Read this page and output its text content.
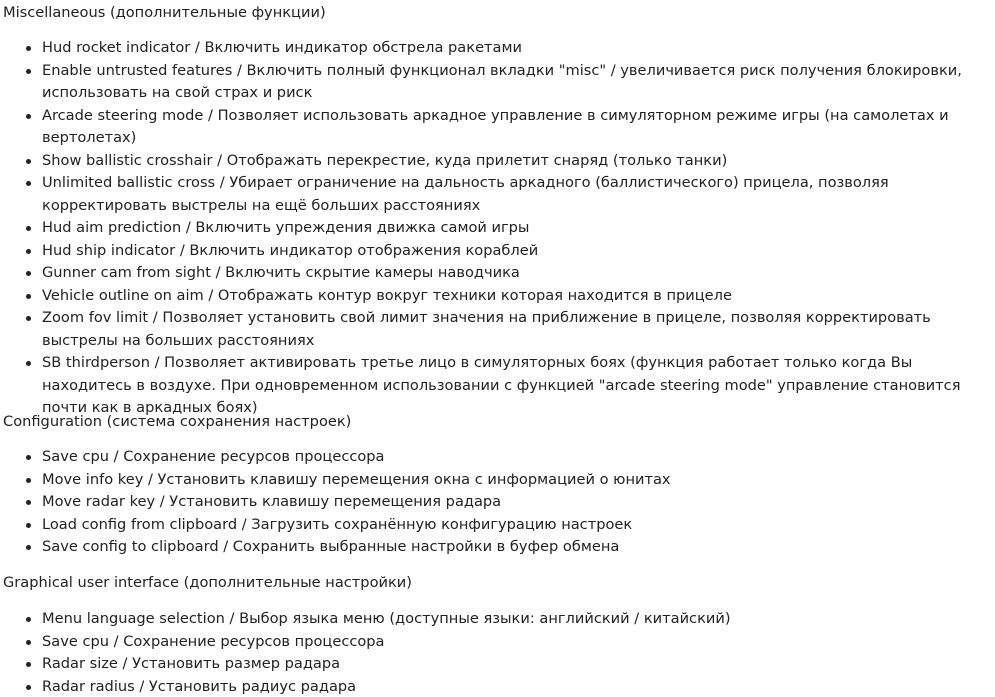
Miscellaneous (дополнительные функции)

Hud rocket indicator / Включить индикатор обстрела ракетами
Enable untrusted features / Включить полный функционал вкладки "misc" / увеличивается риск получения блокировки, использовать на свой страх и риск
Arcade steering mode / Позволяет использовать аркадное управление в симуляторном режиме игры (на самолетах и вертолетах)
Show ballistic crosshair / Отображать перекрестие, куда прилетит снаряд (только танки)
Unlimited ballistic cross / Убирает ограничение на дальность аркадного (баллистического) прицела, позволяя корректировать выстрелы на ещё больших расстояниях
Hud aim prediction / Включить упреждения движка самой игры
Hud ship indicator / Включить индикатор отображения кораблей
Gunner cam from sight / Включить скрытие камеры наводчика
Vehicle outline on aim / Отображать контур вокруг техники которая находится в прицеле
Zoom fov limit / Позволяет установить свой лимит значения на приближение в прицеле, позволяя корректировать выстрелы на больших расстояниях
SB thirdperson / Позволяет активировать третье лицо в симуляторных боях (функция работает только когда Вы находитесь в воздухе. При одновременном использовании с функцией "arcade steering mode" управление становится почти как в аркадных боях)

Configuration (система сохранения настроек)

Save cpu / Сохранение ресурсов процессора
Move info key / Установить клавишу перемещения окна с информацией о юнитах
Move radar key / Установить клавишу перемещения радара
Load config from clipboard / Загрузить сохранённую конфигурацию настроек
Save config to clipboard / Сохранить выбранные настройки в буфер обмена

Graphical user interface (дополнительные настройки)

Menu language selection / Выбор языка меню (доступные языки: английский / китайский)
Save cpu / Сохранение ресурсов процессора
Radar size / Установить размер радара
Radar radius / Установить радиус радара
